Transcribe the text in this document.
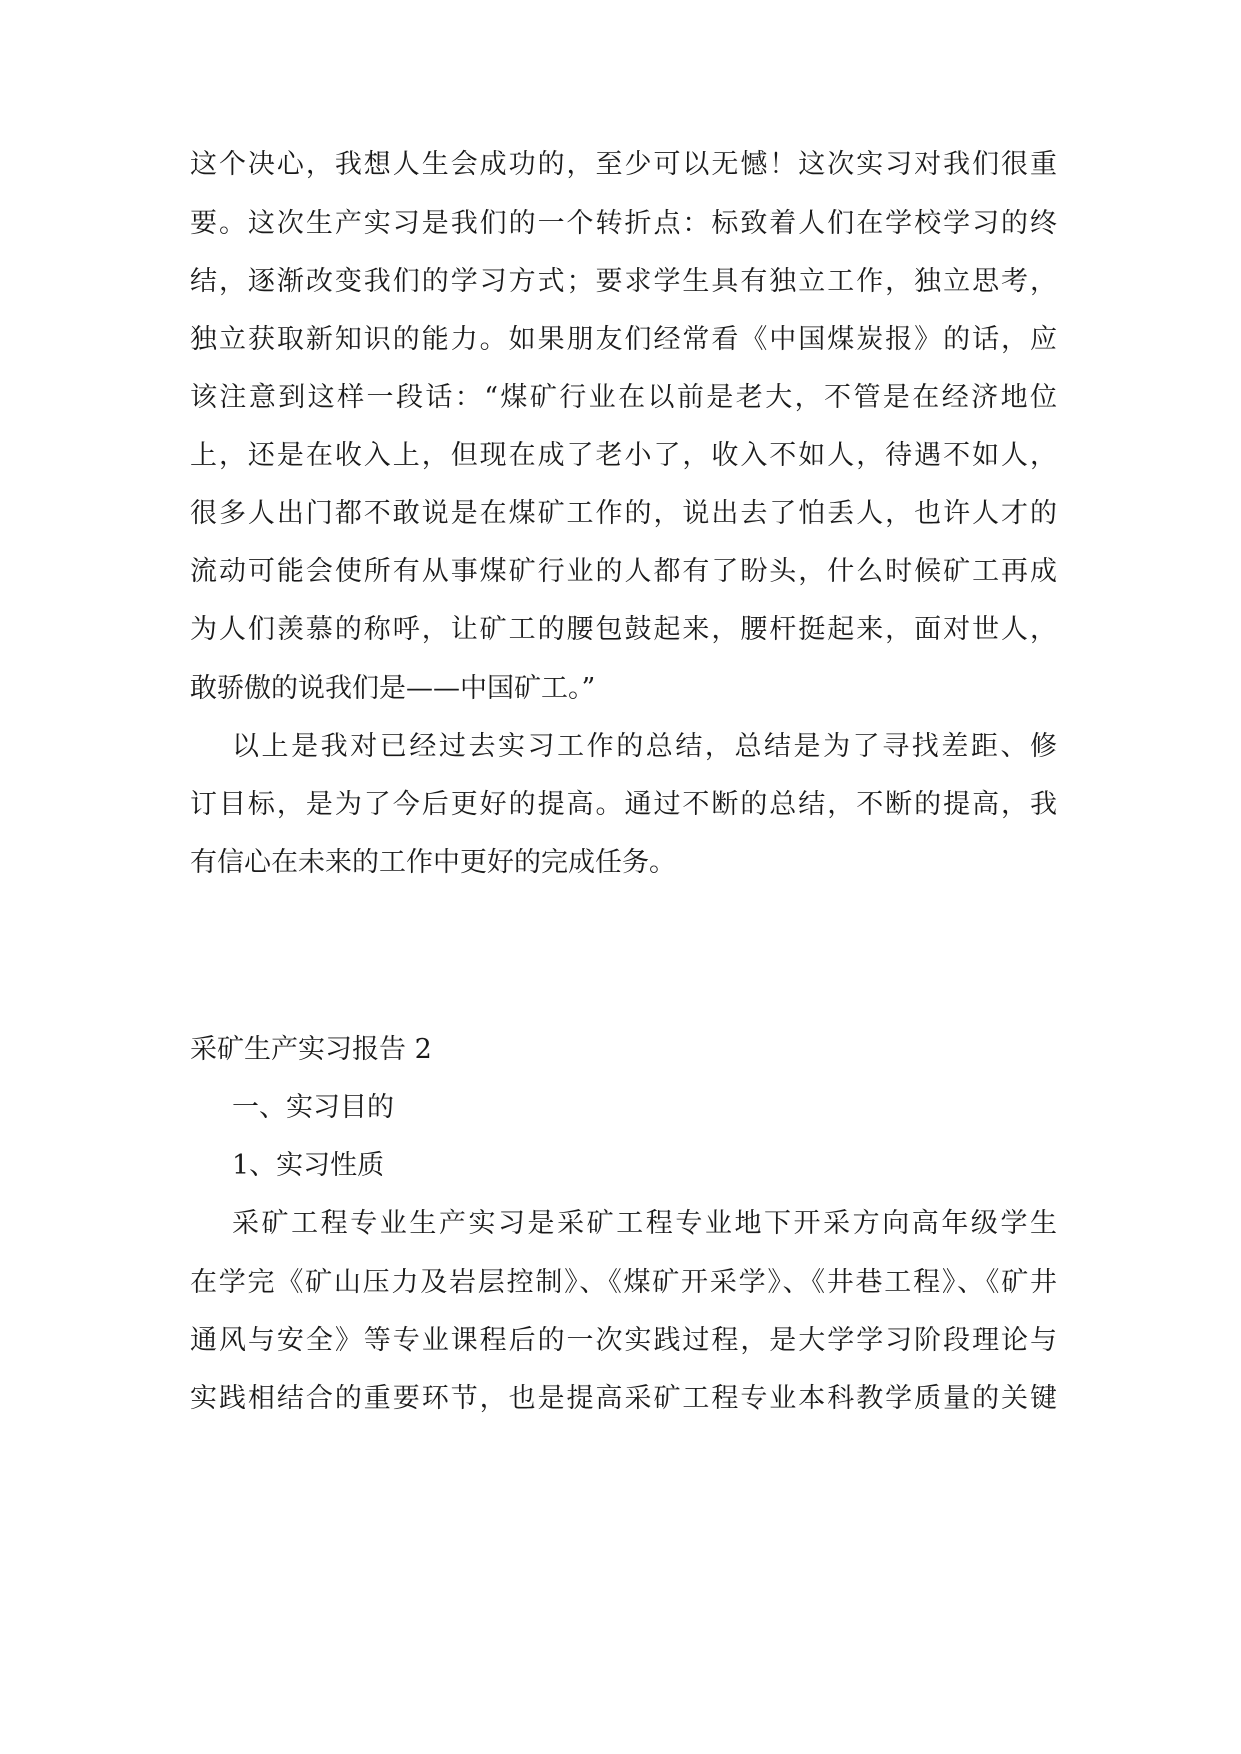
这个决心，我想人生会成功的，至少可以无憾！这次实习对我们很重
要。这次生产实习是我们的一个转折点：标致着人们在学校学习的终
结，逐渐改变我们的学习方式；要求学生具有独立工作，独立思考，
独立获取新知识的能力。如果朋友们经常看《中国煤炭报》的话，应
该注意到这样一段话：“煤矿行业在以前是老大，不管是在经济地位
上，还是在收入上，但现在成了老小了，收入不如人，待遇不如人，
很多人出门都不敢说是在煤矿工作的，说出去了怕丢人，也许人才的
流动可能会使所有从事煤矿行业的人都有了盼头，什么时候矿工再成
为人们羡慕的称呼，让矿工的腰包鼓起来，腰杆挺起来，面对世人，
敢骄傲的说我们是——中国矿工。”
以上是我对已经过去实习工作的总结，总结是为了寻找差距、修
订目标，是为了今后更好的提高。通过不断的总结，不断的提高，我
有信心在未来的工作中更好的完成任务。
采矿生产实习报告 2
一、实习目的
1、实习性质
采矿工程专业生产实习是采矿工程专业地下开采方向高年级学生
在学完《矿山压力及岩层控制》、《煤矿开采学》、《井巷工程》、《矿井
通风与安全》等专业课程后的一次实践过程，是大学学习阶段理论与
实践相结合的重要环节，也是提高采矿工程专业本科教学质量的关键
